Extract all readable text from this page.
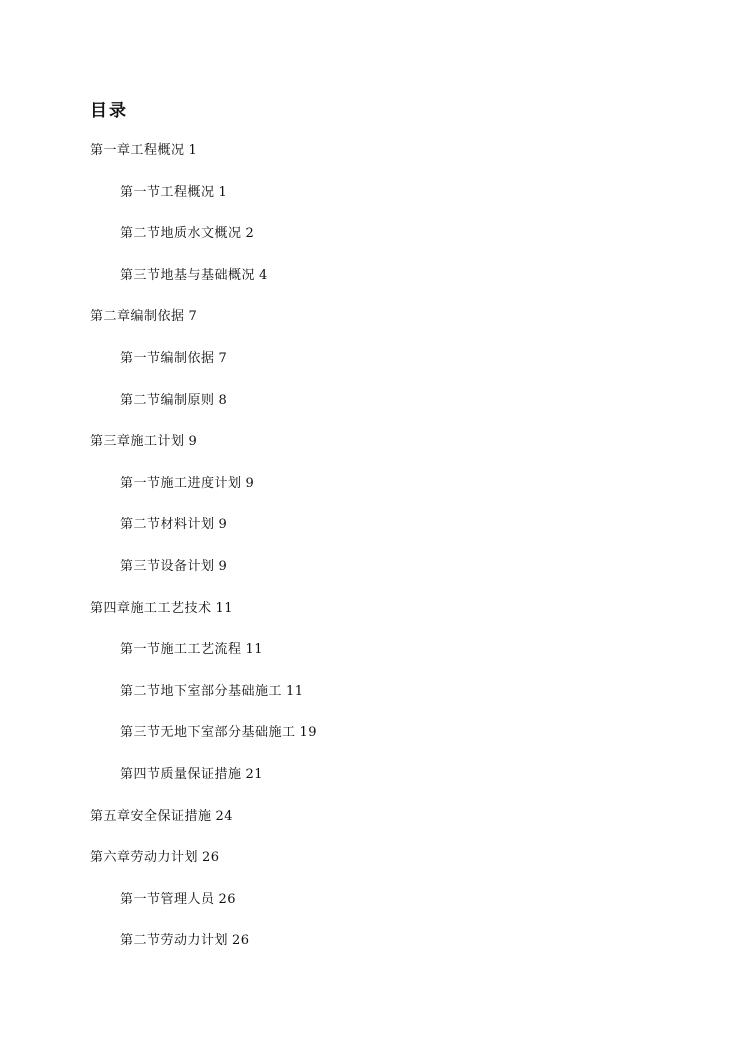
目录
第一章工程概况 1
第一节工程概况 1
第二节地质水文概况 2
第三节地基与基础概况 4
第二章编制依据 7
第一节编制依据 7
第二节编制原则 8
第三章施工计划 9
第一节施工进度计划 9
第二节材料计划 9
第三节设备计划 9
第四章施工工艺技术 11
第一节施工工艺流程 11
第二节地下室部分基础施工 11
第三节无地下室部分基础施工 19
第四节质量保证措施 21
第五章安全保证措施 24
第六章劳动力计划 26
第一节管理人员 26
第二节劳动力计划 26
